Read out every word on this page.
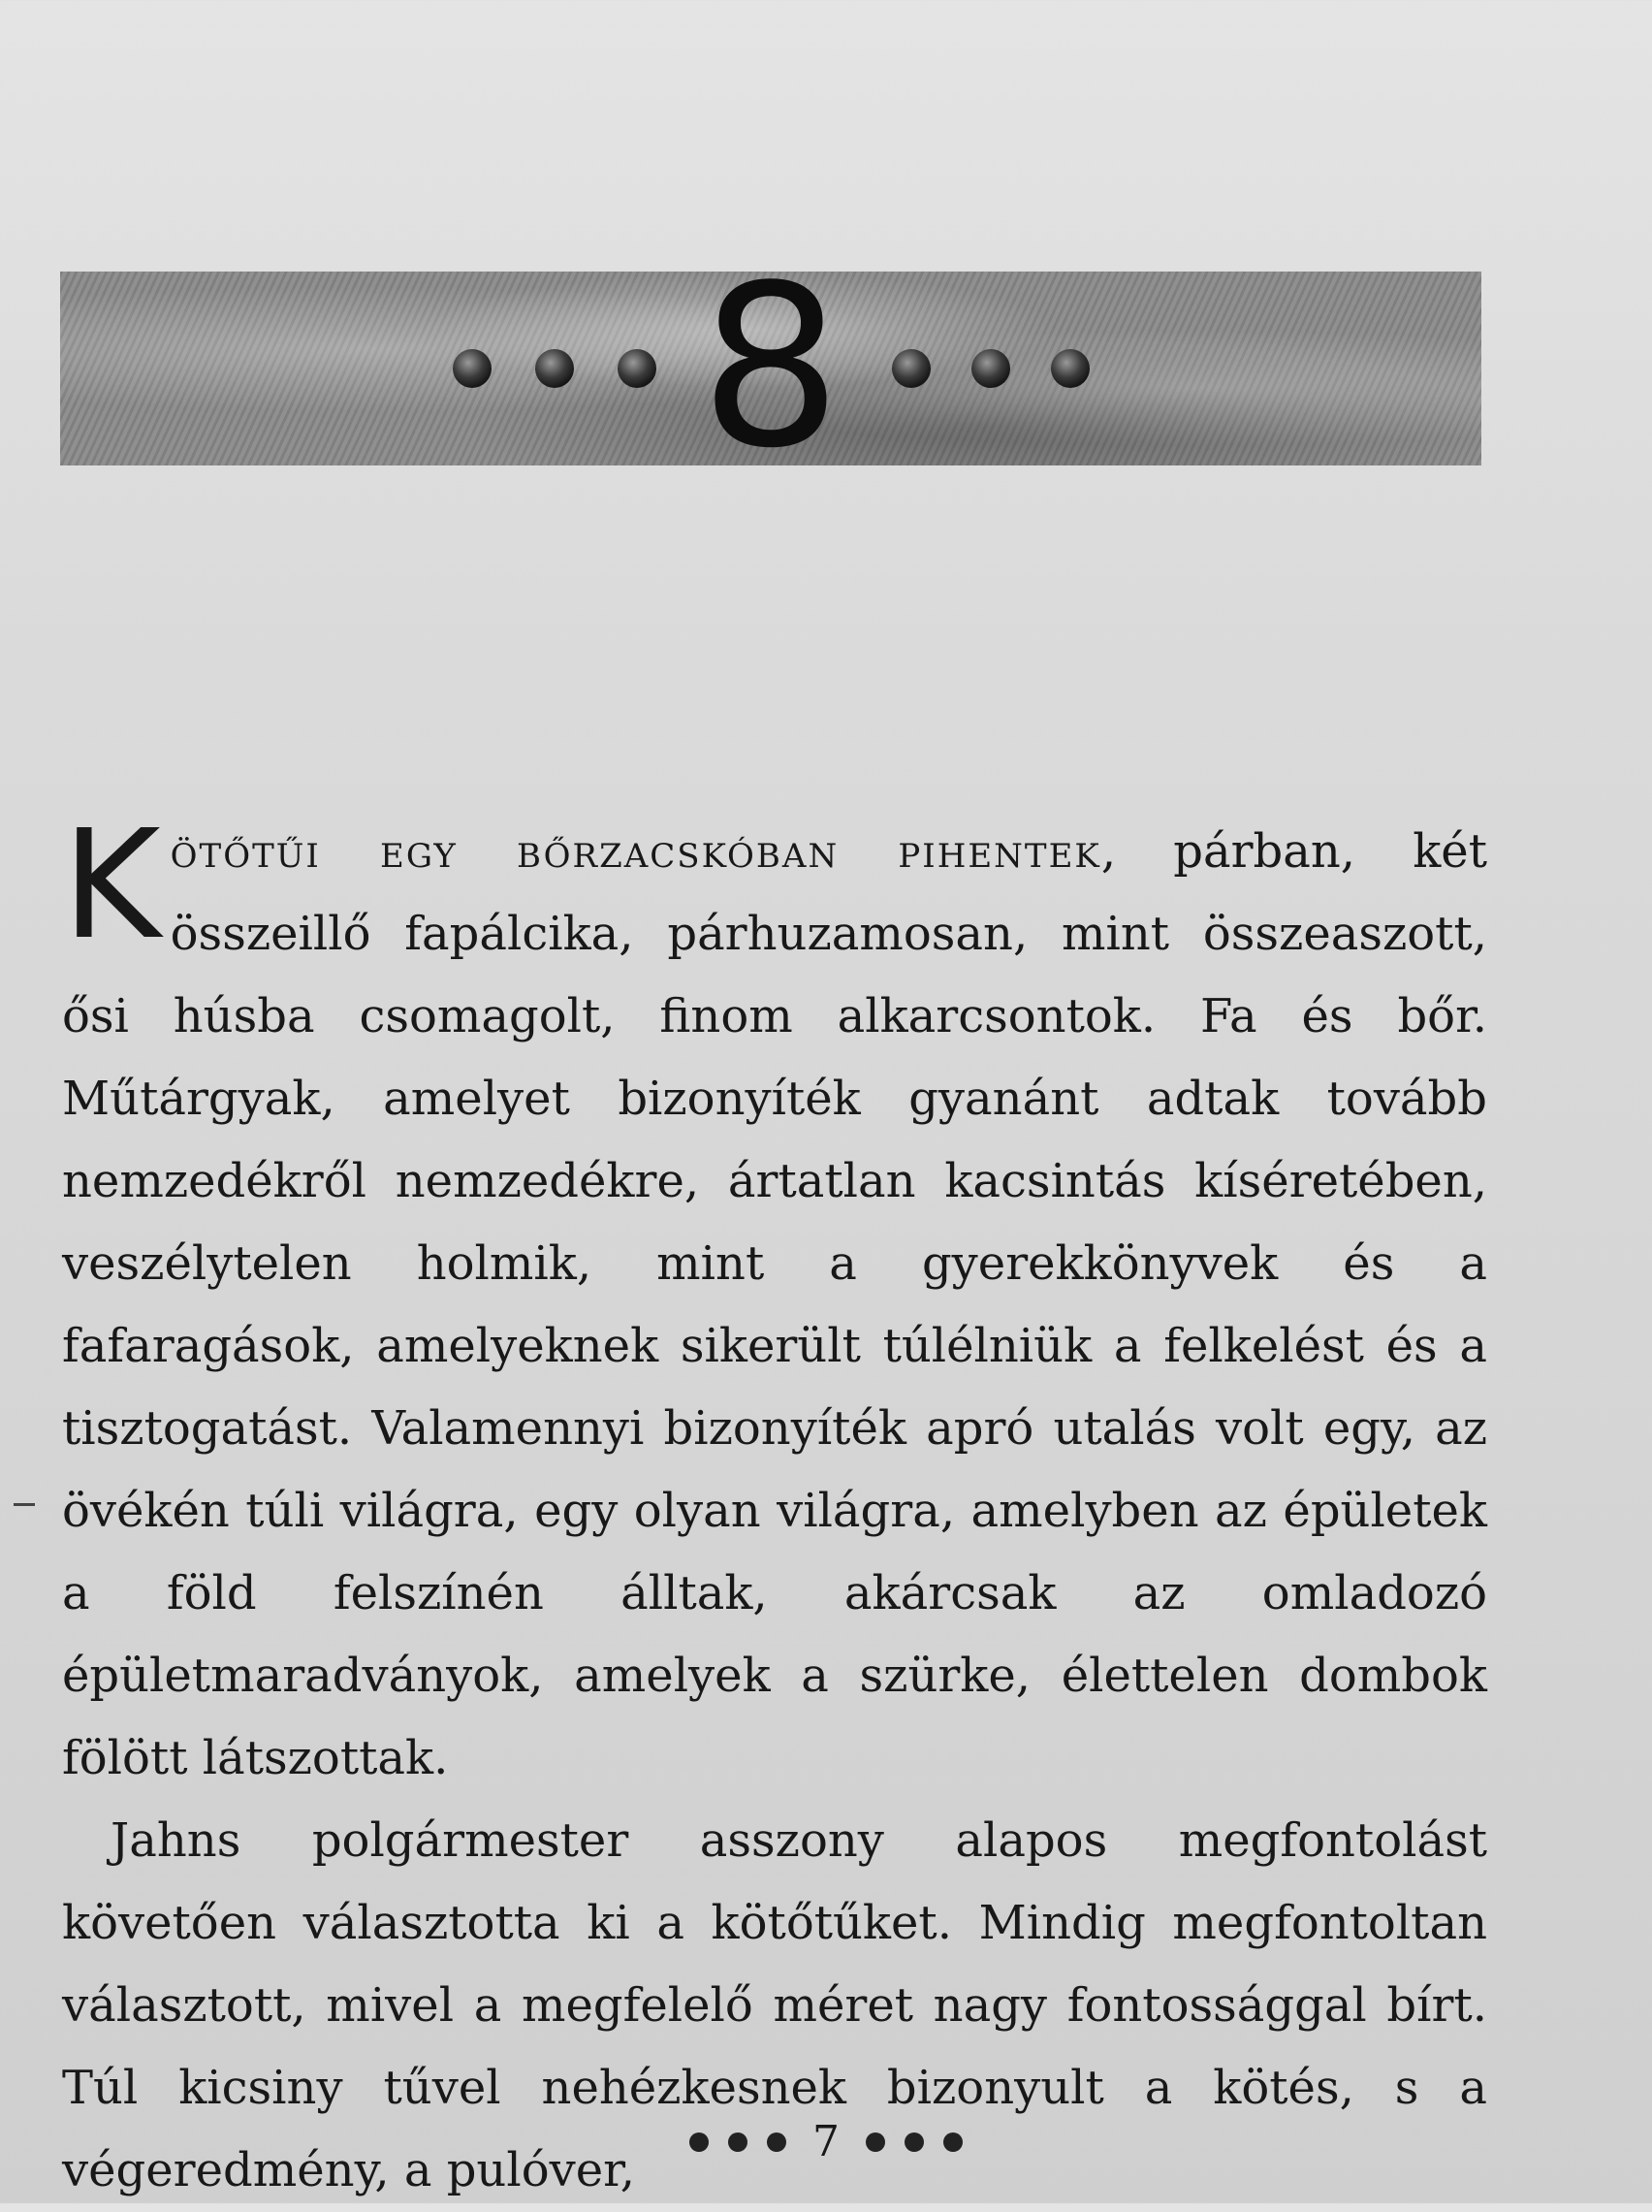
8

Kötőtűi egy bőrzacskóban pihentek, párban, két összeillő fapálcika, párhuzamosan, mint összeaszott, ősi húsba csomagolt, finom alkarcsontok. Fa és bőr. Műtárgyak, amelyet bizonyíték gyanánt adtak tovább nemzedékről nemzedékre, ártatlan kacsintás kíséretében, veszélytelen holmik, mint a gyerekkönyvek és a fafaragások, amelyeknek sikerült túlélniük a felkelést és a tisztogatást. Valamennyi bizonyíték apró utalás volt egy, az övékén túli világra, egy olyan világra, amelyben az épületek a föld felszínén álltak, akárcsak az omladozó épületmaradványok, amelyek a szürke, élettelen dombok fölött látszottak.

Jahns polgármester asszony alapos megfontolást követően választotta ki a kötőtűket. Mindig megfontoltan választott, mivel a megfelelő méret nagy fontossággal bírt. Túl kicsiny tűvel nehézkesnek bizonyult a kötés, s a végeredmény, a pulóver,

7
